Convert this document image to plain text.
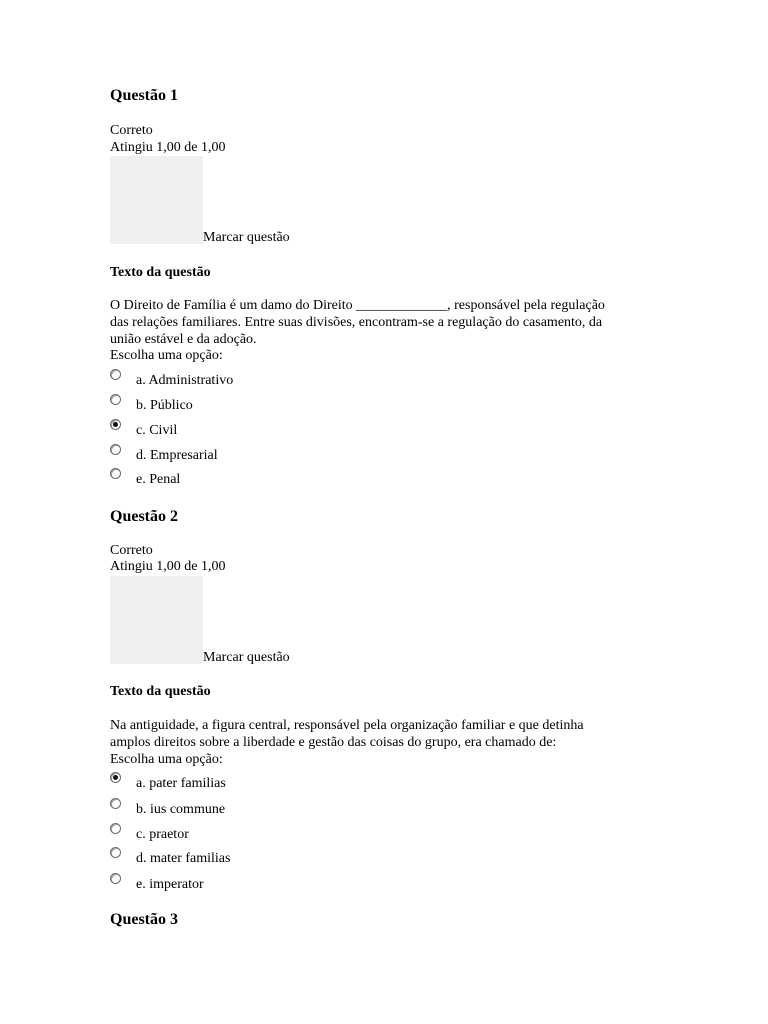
Questão 1
Correto
Atingiu 1,00 de 1,00
Marcar questão
Texto da questão
O Direito de Família é um damo do Direito _____________, responsável pela regulação
das relações familiares. Entre suas divisões, encontram-se a regulação do casamento, da
união estável e da adoção.
Escolha uma opção:
a. Administrativo
b. Público
c. Civil
d. Empresarial
e. Penal
Questão 2
Correto
Atingiu 1,00 de 1,00
Marcar questão
Texto da questão
Na antiguidade, a figura central, responsável pela organização familiar e que detinha
amplos direitos sobre a liberdade e gestão das coisas do grupo, era chamado de:
Escolha uma opção:
a. pater familias
b. ius commune
c. praetor
d. mater familias
e. imperator
Questão 3
